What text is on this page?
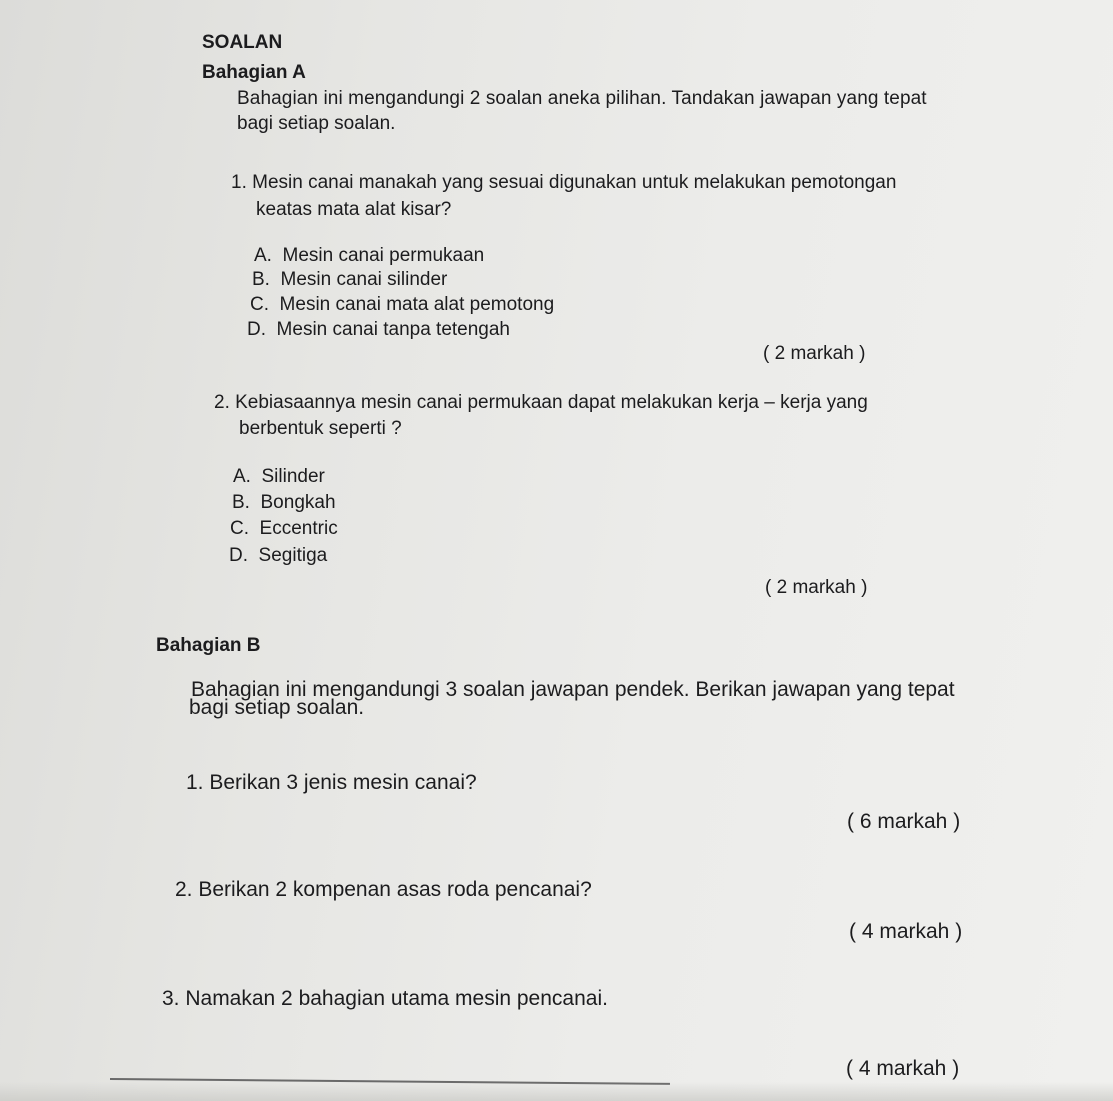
SOALAN
Bahagian A
Bahagian ini mengandungi 2 soalan aneka pilihan. Tandakan jawapan yang tepat
bagi setiap soalan.
1. Mesin canai manakah yang sesuai digunakan untuk melakukan pemotongan
keatas mata alat kisar?
A.  Mesin canai permukaan
B.  Mesin canai silinder
C.  Mesin canai mata alat pemotong
D.  Mesin canai tanpa tetengah
( 2 markah )
2. Kebiasaannya mesin canai permukaan dapat melakukan kerja – kerja yang
berbentuk seperti ?
A.  Silinder
B.  Bongkah
C.  Eccentric
D.  Segitiga
( 2 markah )
Bahagian B
Bahagian ini mengandungi 3 soalan jawapan pendek. Berikan jawapan yang tepat
bagi setiap soalan.
1. Berikan 3 jenis mesin canai?
( 6 markah )
2. Berikan 2 kompenan asas roda pencanai?
( 4 markah )
3. Namakan 2 bahagian utama mesin pencanai.
( 4 markah )
